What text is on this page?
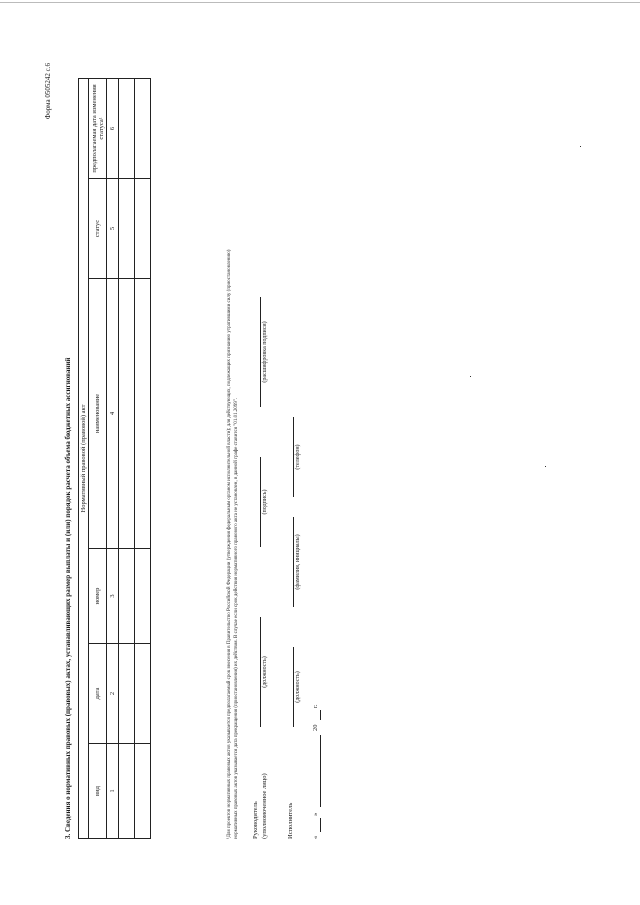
Форма 0505242 с.6
3. Сведения о нормативных правовых (правовых) актах, устанавливающих размер выплаты и (или) порядок расчета объема бюджетных ассигнований Нормативный правовой (правовой) акт					
вид	дата	номер	наименование	статус	предполагаемая дата изменения статуса¹
1	2	3	4	5	6

¹Для проектов нормативных правовых актов указывается предполагаемый срок внесения в Правительство Российской Федерации (утверждения федеральным органом исполнительной власти); для действующих, подлежащих признанию утратившими силу (приостановлению) нормативных правовых актов указывается дата прекращения (приостановления) их действия. В случае если срок действия нормативного правового акта не установлен, в данной графе ставится "01.01.2099". Руководитель (уполномоченное лицо)
(должность)
(подпись)
(расшифровка подписи)
Исполнитель
(должность)
(фамилия, инициалы)
(телефон)
«
»
20
г.
